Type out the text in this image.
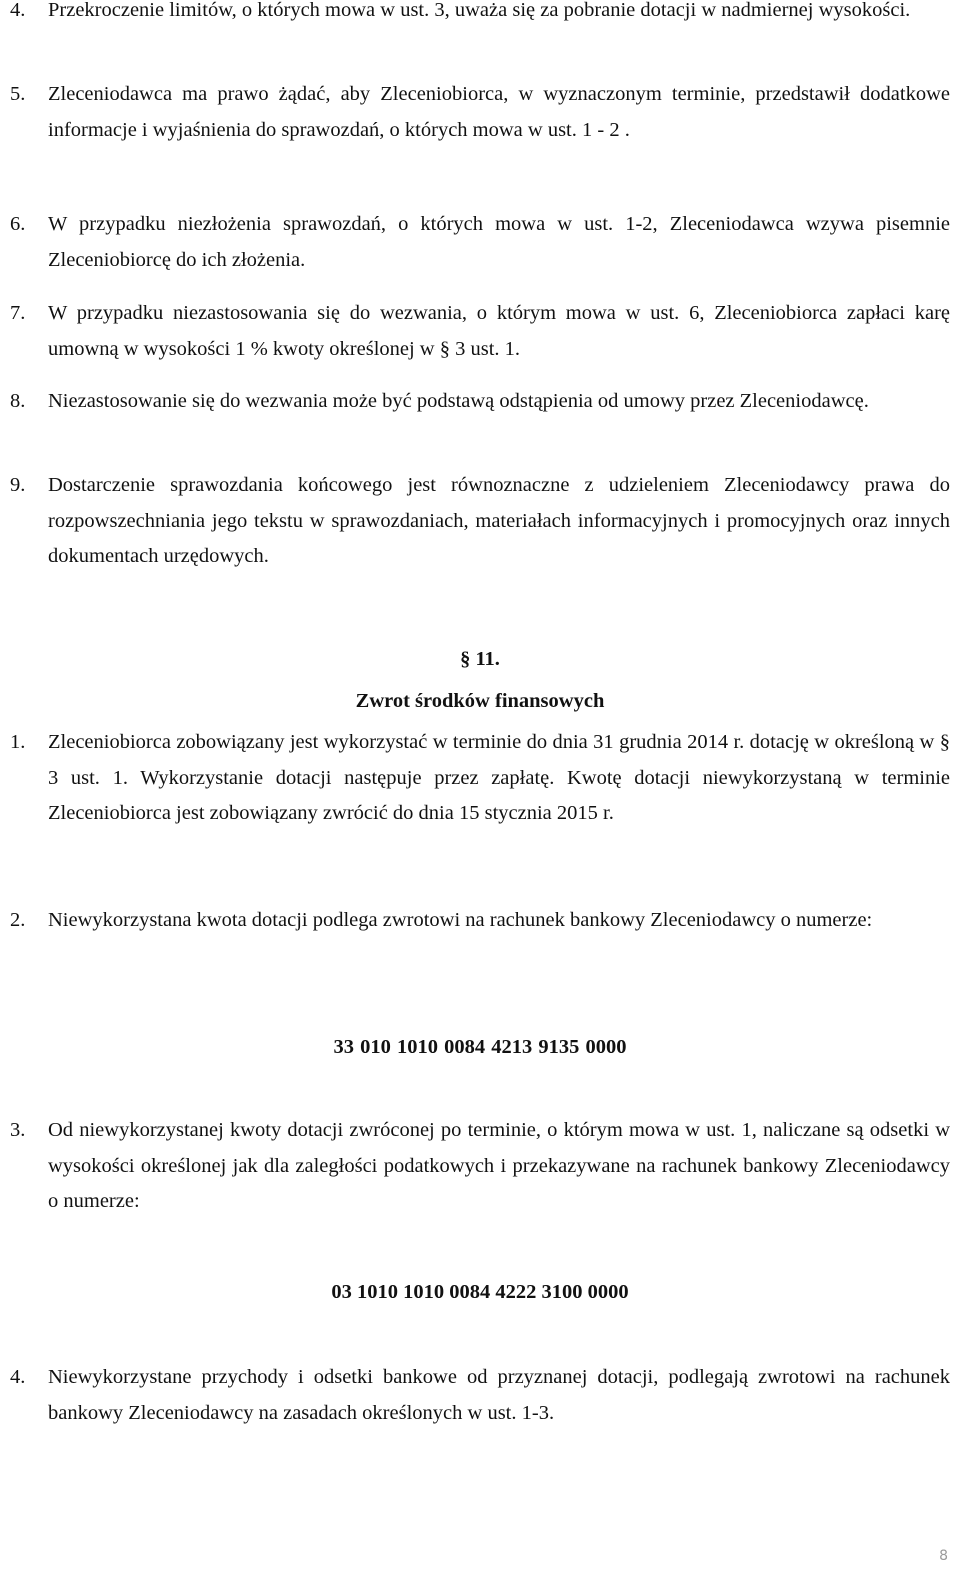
4. Przekroczenie limitów, o których mowa w ust. 3, uważa się za pobranie dotacji w nadmiernej wysokości.
5. Zleceniodawca ma prawo żądać, aby Zleceniobiorca, w wyznaczonym terminie, przedstawił dodatkowe informacje i wyjaśnienia do sprawozdań, o których mowa w ust. 1 - 2 .
6. W przypadku niezłożenia sprawozdań, o których mowa w ust. 1-2, Zleceniodawca wzywa pisemnie Zleceniobiorcę do ich złożenia.
7. W przypadku niezastosowania się do wezwania, o którym mowa w ust. 6, Zleceniobiorca zapłaci karę umowną w wysokości 1 % kwoty określonej w § 3 ust. 1.
8. Niezastosowanie się do wezwania może być podstawą odstąpienia od umowy przez Zleceniodawcę.
9. Dostarczenie sprawozdania końcowego jest równoznaczne z udzieleniem Zleceniodawcy prawa do rozpowszechniania jego tekstu w sprawozdaniach, materiałach informacyjnych i promocyjnych oraz innych dokumentach urzędowych.
§ 11.
Zwrot środków finansowych
1. Zleceniobiorca zobowiązany jest wykorzystać w terminie do dnia 31 grudnia 2014 r. dotację w określoną w § 3 ust. 1. Wykorzystanie dotacji następuje przez zapłatę. Kwotę dotacji niewykorzystaną w terminie Zleceniobiorca jest zobowiązany zwrócić do dnia 15 stycznia 2015 r.
2. Niewykorzystana kwota dotacji podlega zwrotowi na rachunek bankowy Zleceniodawcy o numerze:
33 010 1010 0084 4213 9135 0000
3. Od niewykorzystanej kwoty dotacji zwróconej po terminie, o którym mowa w ust. 1, naliczane są odsetki w wysokości określonej jak dla zaległości podatkowych i przekazywane na rachunek bankowy Zleceniodawcy o numerze:
03 1010 1010 0084 4222 3100 0000
4. Niewykorzystane przychody i odsetki bankowe od przyznanej dotacji, podlegają zwrotowi na rachunek bankowy Zleceniodawcy na zasadach określonych w ust. 1-3.
8
